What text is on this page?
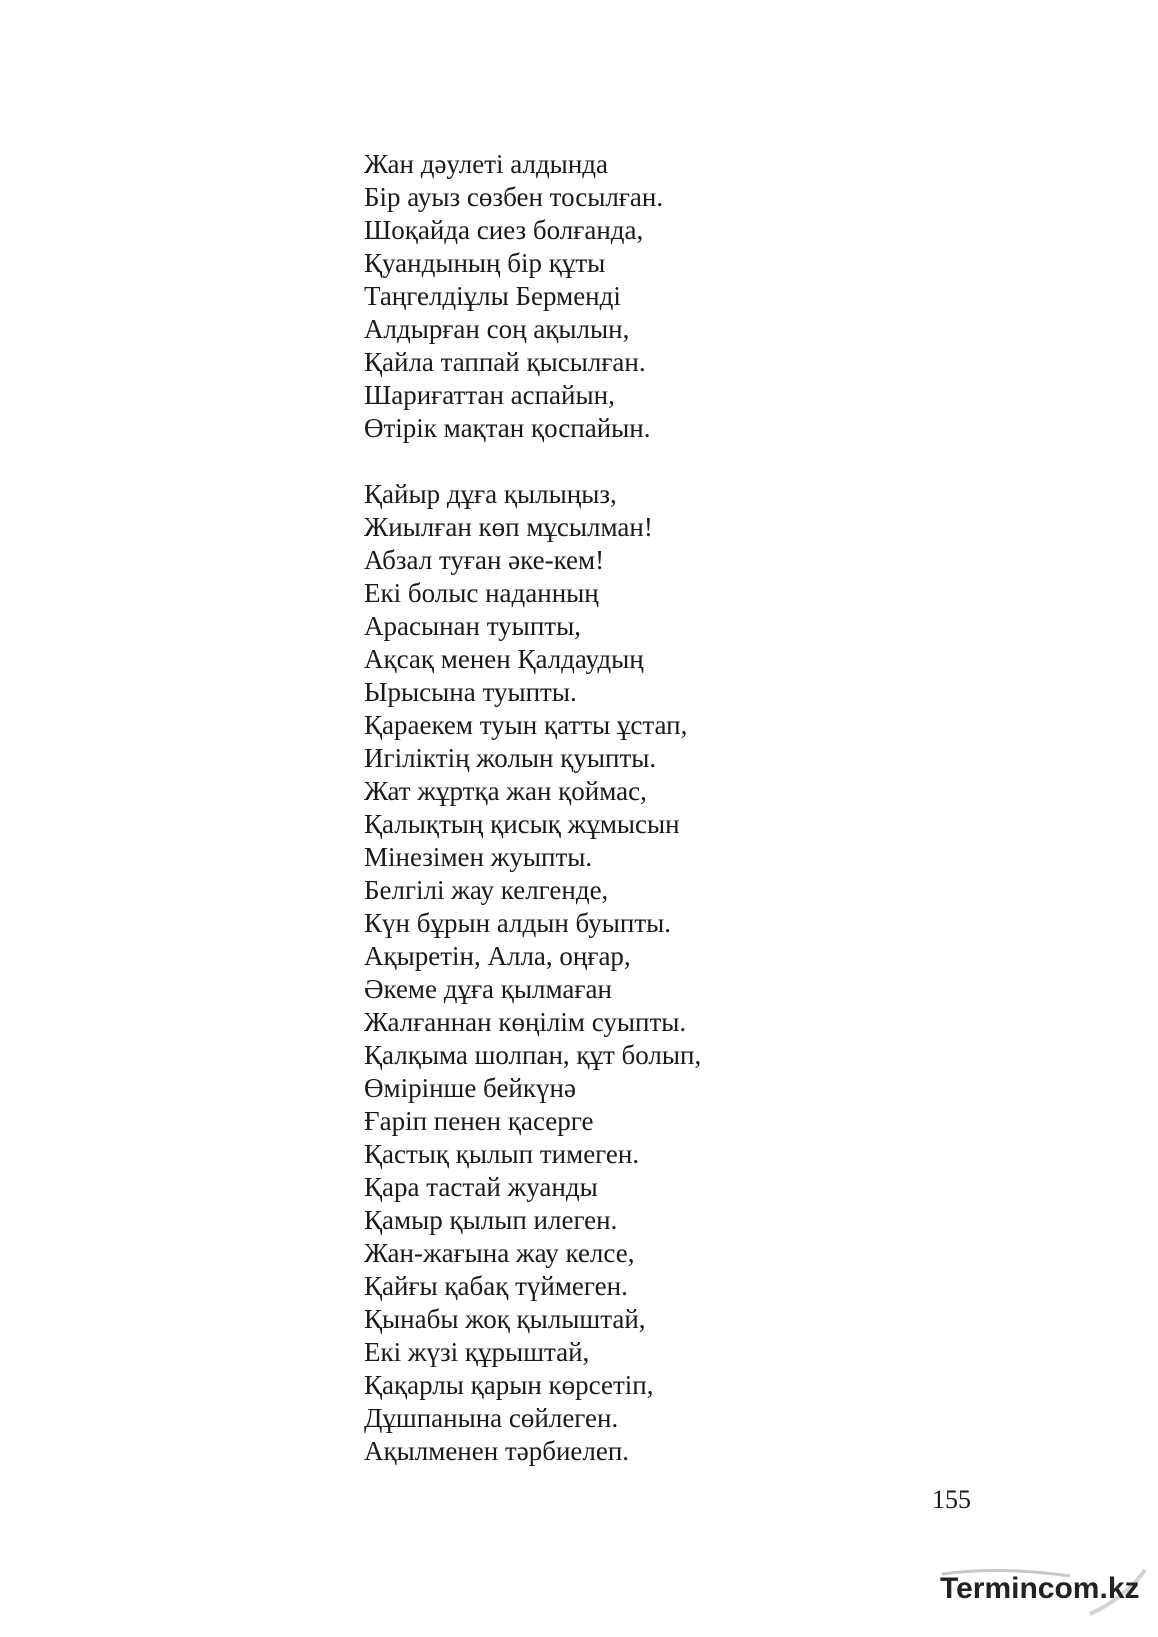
Жан дәулеті алдында
Бір ауыз сөзбен тосылған.
Шоқайда сиез болғанда,
Қуандының бір құты
Таңгелдіұлы Берменді
Алдырған соң ақылын,
Қайла таппай қысылған.
Шариғаттан аспайын,
Өтірік мақтан қоспайын.
Қайыр дұға қылыңыз,
Жиылған көп мұсылман!
Абзал туған әке-кем!
Екі болыс наданның
Арасынан туыпты,
Ақсақ менен Қалдаудың
Ырысына туыпты.
Қараекем туын қатты ұстап,
Игіліктің жолын қуыпты.
Жат жұртқа жан қоймас,
Қалықтың қисық жұмысын
Мінезімен жуыпты.
Белгілі жау келгенде,
Күн бұрын алдын буыпты.
Ақыретін, Алла, оңғар,
Әкеме дұға қылмаған
Жалғаннан көңілім суыпты.
Қалқыма шолпан, құт болып,
Өмірінше бейкүнә
Ғаріп пенен қасерге
Қастық қылып тимеген.
Қара тастай жуанды
Қамыр қылып илеген.
Жан-жағына жау келсе,
Қайғы қабақ түймеген.
Қынабы жоқ қылыштай,
Екі жүзі құрыштай,
Қақарлы қарын көрсетіп,
Дұшпанына сөйлеген.
Ақылменен тәрбиелеп.
155
Termincom.kz
